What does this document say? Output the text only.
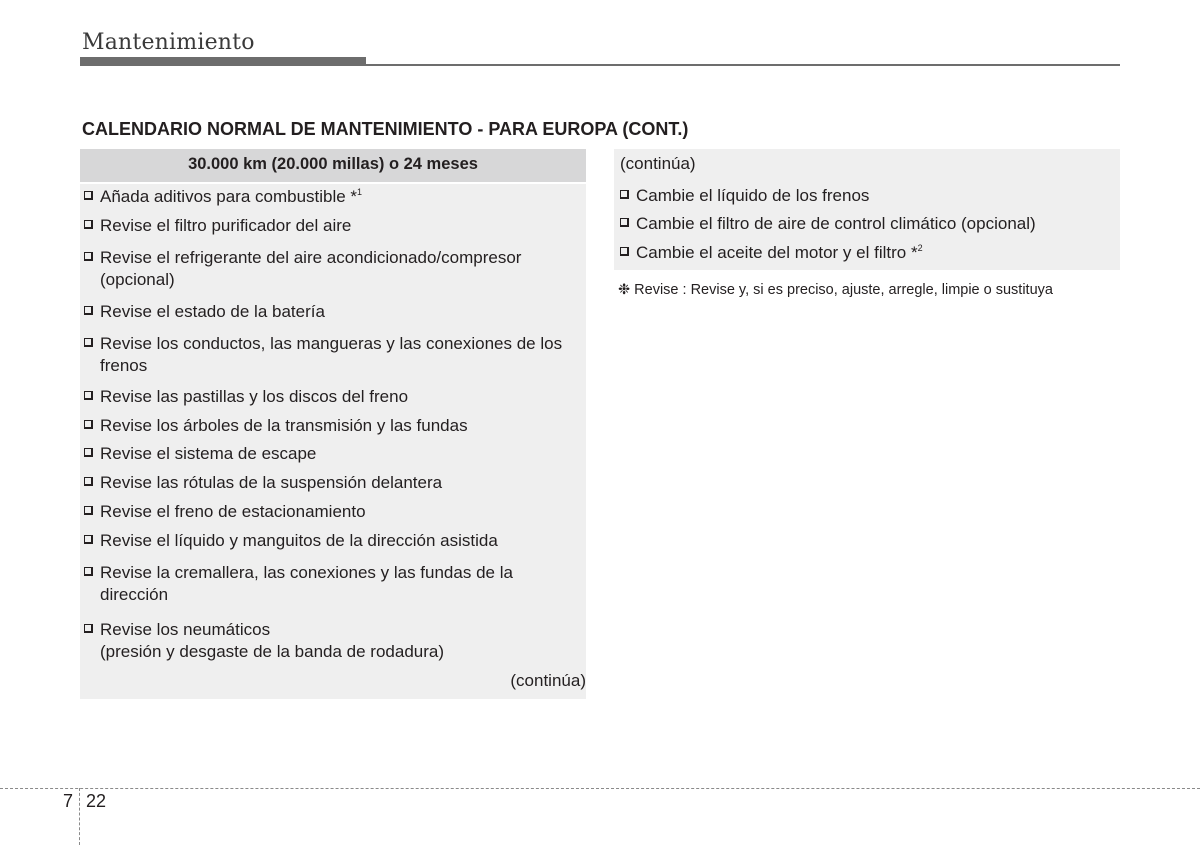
Mantenimiento
CALENDARIO NORMAL DE MANTENIMIENTO - PARA EUROPA (CONT.)
30.000 km (20.000 millas) o 24 meses
Añada aditivos para combustible *$^1$
Revise el filtro purificador del aire
Revise el refrigerante del aire acondicionado/compresor (opcional)
Revise el estado de la batería
Revise los conductos, las mangueras y las conexiones de los frenos
Revise las pastillas y los discos del freno
Revise los árboles de la transmisión y las fundas
Revise el sistema de escape
Revise las rótulas de la suspensión delantera
Revise el freno de estacionamiento
Revise el líquido y manguitos de la dirección asistida
Revise la cremallera, las conexiones y las fundas de la dirección
Revise los neumáticos
(presión y desgaste de la banda de rodadura)
(continúa)
(continúa)
Cambie el líquido de los frenos
Cambie el filtro de aire de control climático (opcional)
Cambie el aceite del motor y el filtro *$^2$
❉ Revise : Revise y, si es preciso, ajuste, arregle, limpie o sustituya
7 22
